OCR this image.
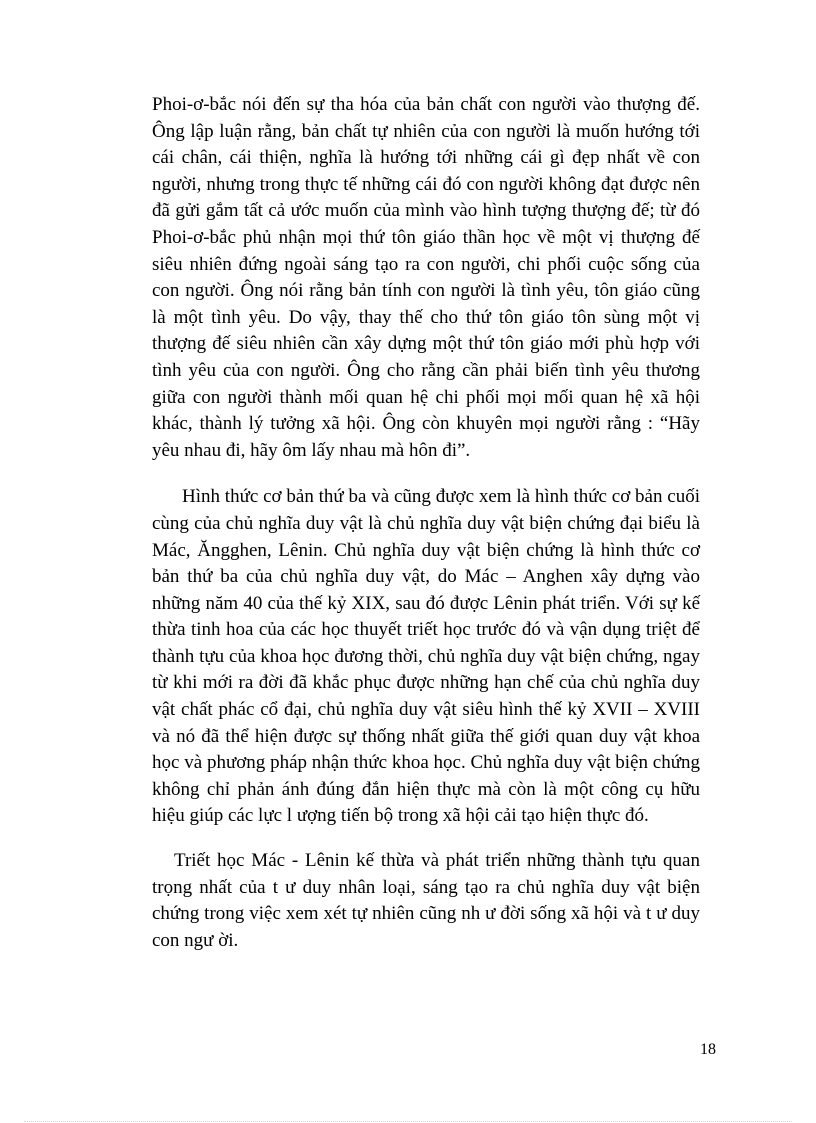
Phoi-ơ-bắc nói đến sự tha hóa của bản chất con người vào thượng đế. Ông lập luận rằng, bản chất tự nhiên của con người là muốn hướng tới cái chân, cái thiện, nghĩa là hướng tới những cái gì đẹp nhất về con người, nhưng trong thực tế những cái đó con người không đạt được nên đã gửi gắm tất cả ước muốn của mình vào hình tượng thượng đế; từ đó Phoi-ơ-bắc phủ nhận mọi thứ tôn giáo thần học về một vị thượng đế siêu nhiên đứng ngoài sáng tạo ra con người, chi phối cuộc sống của con người. Ông nói rằng bản tính con người là tình yêu, tôn giáo cũng là một tình yêu. Do vậy, thay thế cho thứ tôn giáo tôn sùng một vị thượng đế siêu nhiên cần xây dựng một thứ tôn giáo mới phù hợp với tình yêu của con người. Ông cho rằng cần phải biến tình yêu thương giữa con người thành mối quan hệ chi phối mọi mối quan hệ xã hội khác, thành lý tưởng xã hội. Ông còn khuyên mọi người rằng : “Hãy yêu nhau đi, hãy ôm lấy nhau mà hôn đi”.

Hình thức cơ bản thứ ba và cũng được xem là hình thức cơ bản cuối cùng của chủ nghĩa duy vật là chủ nghĩa duy vật biện chứng đại biểu là Mác, Ăngghen, Lênin. Chủ nghĩa duy vật biện chứng là hình thức cơ bản thứ ba của chủ nghĩa duy vật, do Mác – Anghen xây dựng vào những năm 40 của thế kỷ XIX, sau đó được Lênin phát triển. Với sự kế thừa tinh hoa của các học thuyết triết học trước đó và vận dụng triệt để thành tựu của khoa học đương thời, chủ nghĩa duy vật biện chứng, ngay từ khi mới ra đời đã khắc phục được những hạn chế của chủ nghĩa duy vật chất phác cổ đại, chủ nghĩa duy vật siêu hình thế kỷ XVII – XVIII và nó đã thể hiện được sự thống nhất giữa thế giới quan duy vật khoa học và phương pháp nhận thức khoa học. Chủ nghĩa duy vật biện chứng không chỉ phản ánh đúng đắn hiện thực mà còn là một công cụ hữu hiệu giúp các lực l ượng tiến bộ trong xã hội cải tạo hiện thực đó.

Triết học Mác - Lênin kế thừa và phát triển những thành tựu quan trọng nhất của t ư duy nhân loại, sáng tạo ra chủ nghĩa duy vật biện chứng trong việc xem xét tự nhiên cũng nh ư đời sống xã hội và t ư duy con ngư ời.

18
